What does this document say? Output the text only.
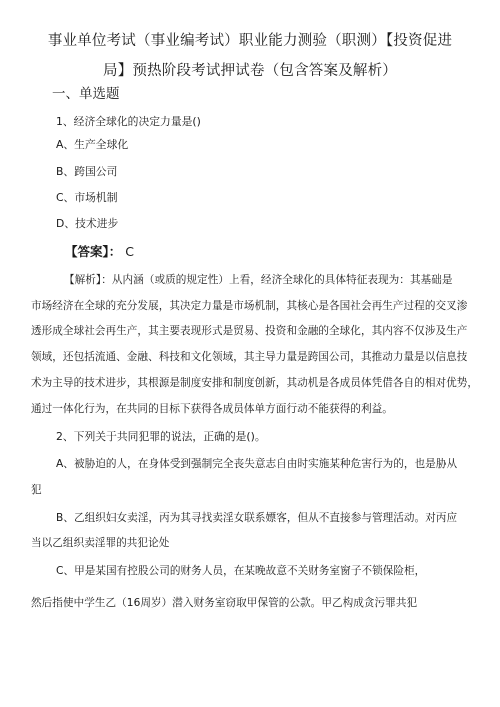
事业单位考试（事业编考试）职业能力测验（职测）【投资促进
局】预热阶段考试押试卷（包含答案及解析）
一、单选题
1、经济全球化的决定力量是()
A、生产全球化
B、跨国公司
C、市场机制
D、技术进步
【答案】： C
【解析】：从内涵（或质的规定性）上看，经济全球化的具体特征表现为：其基础是
市场经济在全球的充分发展，其决定力量是市场机制，其核心是各国社会再生产过程的交叉渗
透形成全球社会再生产，其主要表现形式是贸易、投资和金融的全球化，其内容不仅涉及生产
领域，还包括流通、金融、科技和文化领域，其主导力量是跨国公司，其推动力量是以信息技
术为主导的技术进步，其根源是制度安排和制度创新，其动机是各成员体凭借各自的相对优势，
通过一体化行为，在共同的目标下获得各成员体单方面行动不能获得的利益。
2、下列关于共同犯罪的说法，正确的是()。
A、被胁迫的人，在身体受到强制完全丧失意志自由时实施某种危害行为的，也是胁从
犯
B、乙组织妇女卖淫，丙为其寻找卖淫女联系嫖客，但从不直接参与管理活动。对丙应
当以乙组织卖淫罪的共犯论处
C、甲是某国有控股公司的财务人员，在某晚故意不关财务室窗子不锁保险柜，
然后指使中学生乙（16周岁）潜入财务室窃取甲保管的公款。甲乙构成贪污罪共犯
